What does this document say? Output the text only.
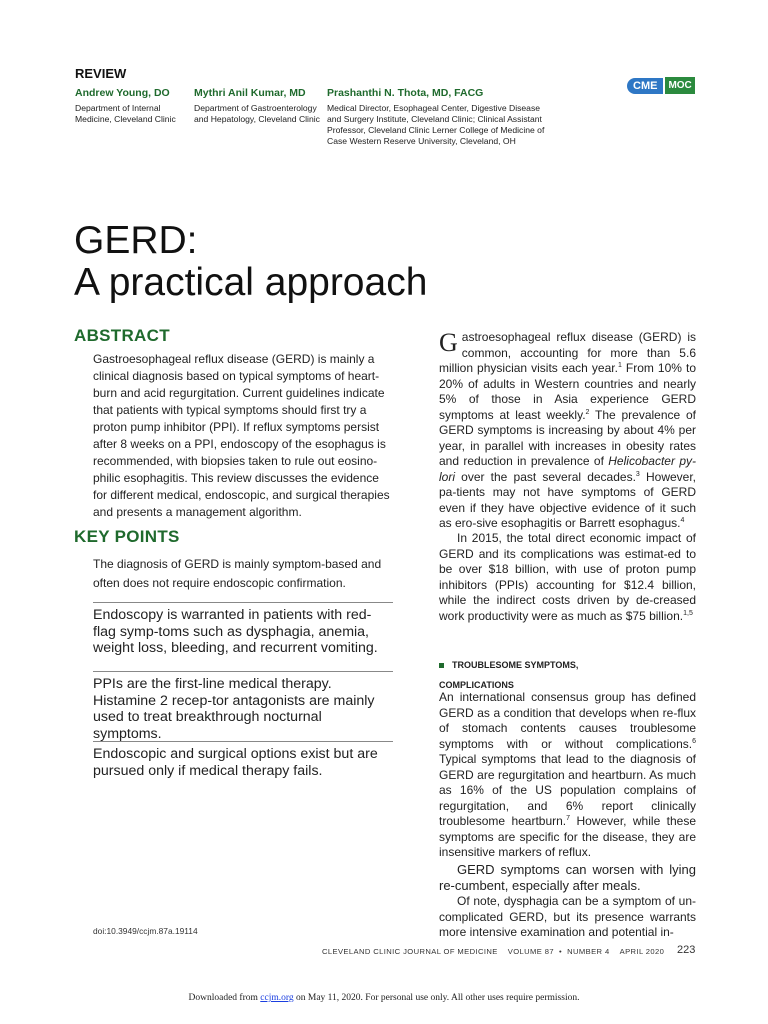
REVIEW
Andrew Young, DO
Department of Internal Medicine, Cleveland Clinic
Mythri Anil Kumar, MD
Department of Gastroenterology and Hepatology, Cleveland Clinic
Prashanthi N. Thota, MD, FACG
Medical Director, Esophageal Center, Digestive Disease and Surgery Institute, Cleveland Clinic; Clinical Assistant Professor, Cleveland Clinic Lerner College of Medicine of Case Western Reserve University, Cleveland, OH
CME	MOC
GERD:
A practical approach
ABSTRACT
Gastroesophageal reflux disease (GERD) is mainly a clinical diagnosis based on typical symptoms of heart-burn and acid regurgitation. Current guidelines indicate that patients with typical symptoms should first try a proton pump inhibitor (PPI). If reflux symptoms persist after 8 weeks on a PPI, endoscopy of the esophagus is recommended, with biopsies taken to rule out eosino-philic esophagitis. This review discusses the evidence for different medical, endoscopic, and surgical therapies and presents a management algorithm.
KEY POINTS
The diagnosis of GERD is mainly symptom-based and often does not require endoscopic confirmation.
Endoscopy is warranted in patients with red-flag symp-toms such as dysphagia, anemia, weight loss, bleeding, and recurrent vomiting.
PPIs are the first-line medical therapy. Histamine 2 recep-tor antagonists are mainly used to treat breakthrough nocturnal symptoms.
Endoscopic and surgical options exist but are pursued only if medical therapy fails.
Gastroesophageal reflux disease (GERD) is common, accounting for more than 5.6 million physician visits each year.$^1$ From 10% to 20% of adults in Western countries and nearly 5% of those in Asia experience GERD symptoms at least weekly.$^2$ The prevalence of GERD symptoms is increasing by about 4% per year, in parallel with increases in obesity rates and reduction in prevalence of Helicobacter py-lori over the past several decades.$^3$ However, pa-tients may not have symptoms of GERD even if they have objective evidence of it such as ero-sive esophagitis or Barrett esophagus.$^4$
In 2015, the total direct economic impact of GERD and its complications was estimat-ed to be over $18 billion, with use of proton pump inhibitors (PPIs) accounting for $12.4 billion, while the indirect costs driven by de-creased work productivity were as much as $75 billion.$^{1,5}$
TROUBLESOME SYMPTOMS,
COMPLICATIONS
An international consensus group has defined GERD as a condition that develops when re-flux of stomach contents causes troublesome symptoms with or without complications.$^6$ Typical symptoms that lead to the diagnosis of GERD are regurgitation and heartburn. As much as 16% of the US population complains of regurgitation, and 6% report clinically troublesome heartburn.$^7$ However, while these symptoms are specific for the disease, they are insensitive markers of reflux.
GERD symptoms can worsen with lying re-cumbent, especially after meals.
Of note, dysphagia can be a symptom of un-complicated GERD, but its presence warrants more intensive examination and potential in-
doi:10.3949/ccjm.87a.19114
CLEVELAND CLINIC JOURNAL OF MEDICINE VOLUME 87  •  NUMBER 4 APRIL 2020 223
Downloaded from ccjm.org on May 11, 2020. For personal use only. All other uses require permission.
